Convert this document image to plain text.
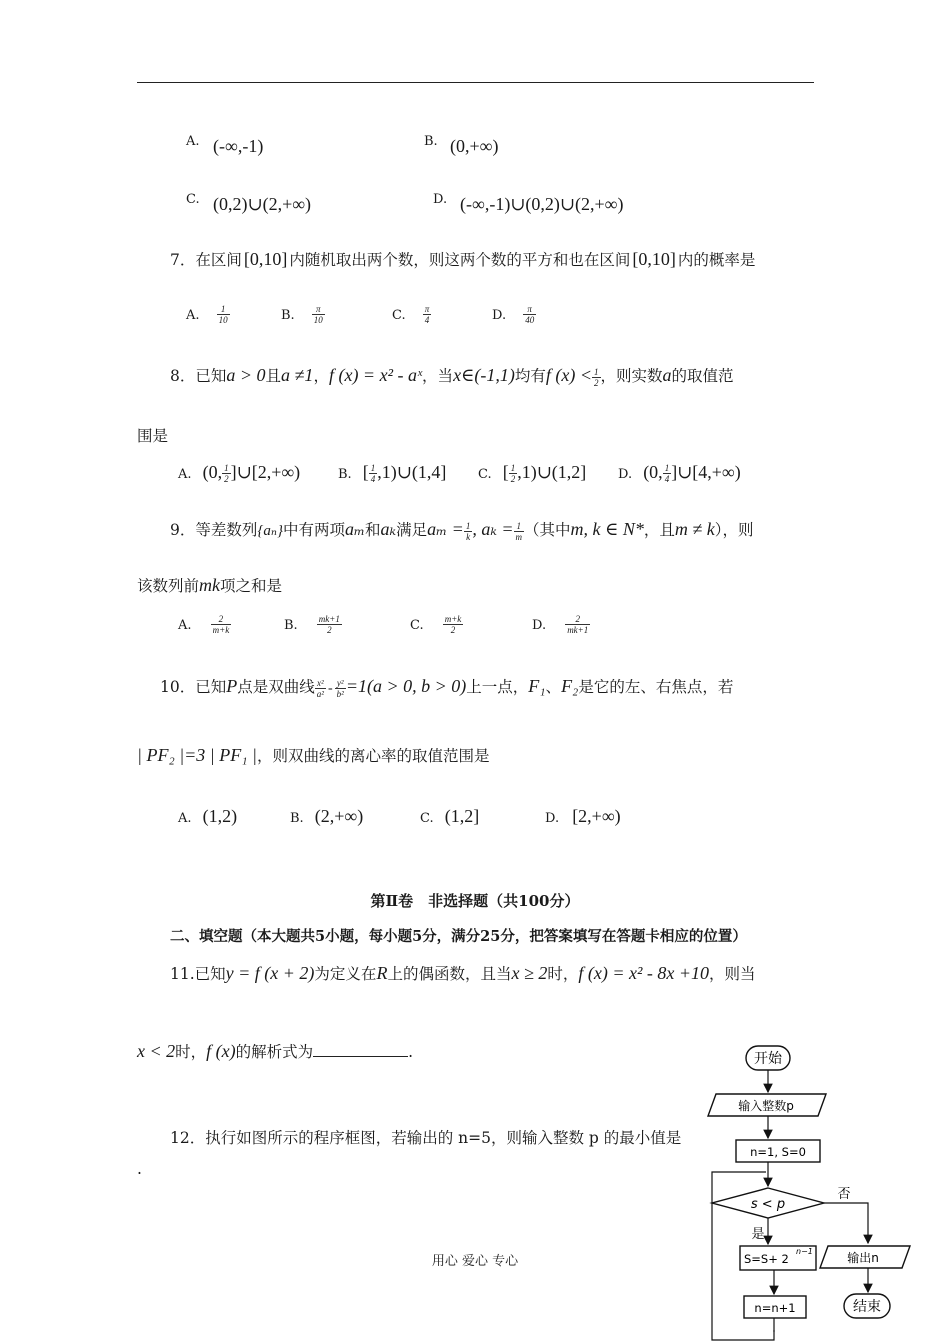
A. (-∞,-1)	B. (0,+∞)
C. (0,2)∪(2,+∞)	D. (-∞,-1)∪(0,2)∪(2,+∞)
7．在区间 [0,10] 内随机取出两个数，则这两个数的平方和也在区间 [0,10] 内的概率是
A. $\frac{1}{10}$	B. $\frac{\pi}{10}$	C. $\frac{\pi}{4}$	D. $\frac{\pi}{40}$
8．已知a > 0且a ≠1，f (x) = x² - aˣ，当x∈(-1,1)均有f $(x) < \frac{1}{2}$ ，则实数a的取值范
围是
A. (0, $\frac{1}{2}$ ]∪[2,+∞)	B. [ $\frac{1}{4}$ ,1)∪(1,4] C. [ $\frac{1}{2}$ ,1)∪(1,2] D. (0, $\frac{1}{4}$ ]∪[4,+∞)
9．等差数列{aₙ}中有两项aₘ和aₖ满足$a_m = \frac{1}{k}$ , $a_k = \frac{1}{m}$ （其中m, k ∈ N*，且m ≠ k），则
该数列前mk项之和是
A. $\frac{2}{m+k}$	B. $\frac{mk+1}{2}$	C. $\frac{m+k}{2}$	D. $\frac{2}{mk+1}$
10．已知P点是双曲线 $\frac{\text{x²}}{\text{a²}} - \frac{\text{y²}}{\text{b²}} =1(a > 0$, b > 0)上一点，F₁、F₂是它的左、右焦点，若
| PF₂ |=3 | PF₁ |，则双曲线的离心率的取值范围是
A. (1,2)	B. (2,+∞)	C. (1,2]	D. [2,+∞)
第Ⅱ卷　非选择题（共100分）
二、填空题（本大题共5小题，每小题5分，满分25分，把答案填写在答题卡相应的位置）
11.已知y = f (x + 2)为定义在R上的偶函数，且当x ≥ 2时，f (x) = x² - 8x +10，则当
x < 2时，f (x)的解析式为	.
12．执行如图所示的程序框图，若输出的 n=5，则输入整数 p 的最小值是
.
开始
输入整数p
n=1, S=0
s < p
否
输出n
结束
是
S=S+ 2
n−1
n=n+1
用心 爱心 专心
